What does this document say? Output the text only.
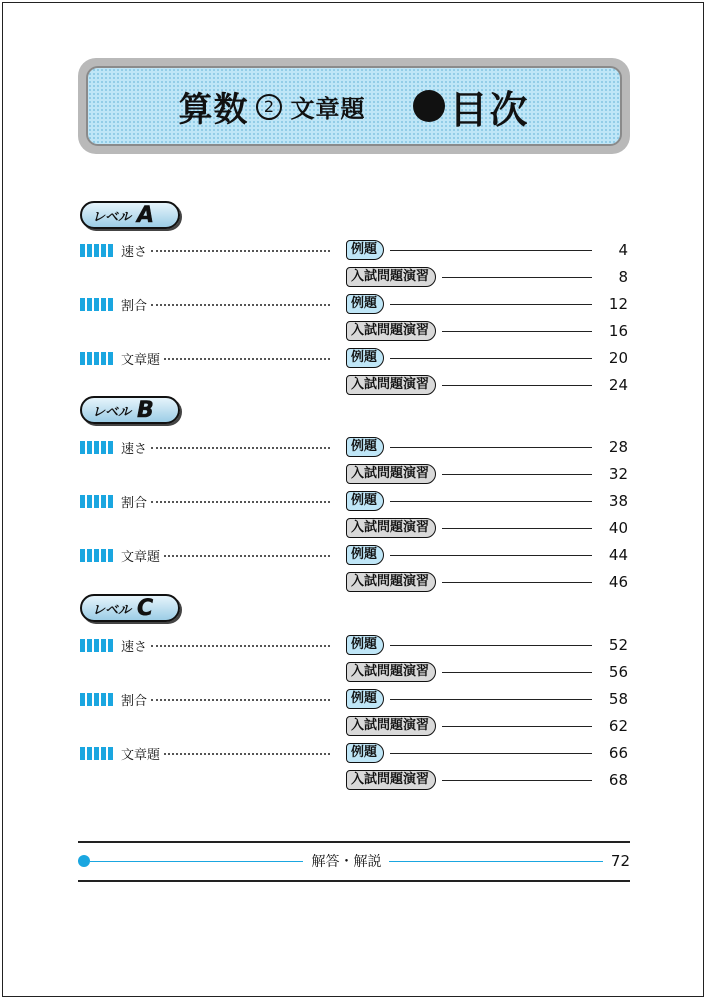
算数 2 文章題 目次
レベル A
速さ	例題	4
入試問題演習	8
割合	例題	12
入試問題演習	16
文章題	例題	20
入試問題演習	24
レベル B
速さ	例題	28
入試問題演習	32
割合	例題	38
入試問題演習	40
文章題	例題	44
入試問題演習	46
レベル C
速さ	例題	52
入試問題演習	56
割合	例題	58
入試問題演習	62
文章題	例題	66
入試問題演習	68
解答・解説	72
